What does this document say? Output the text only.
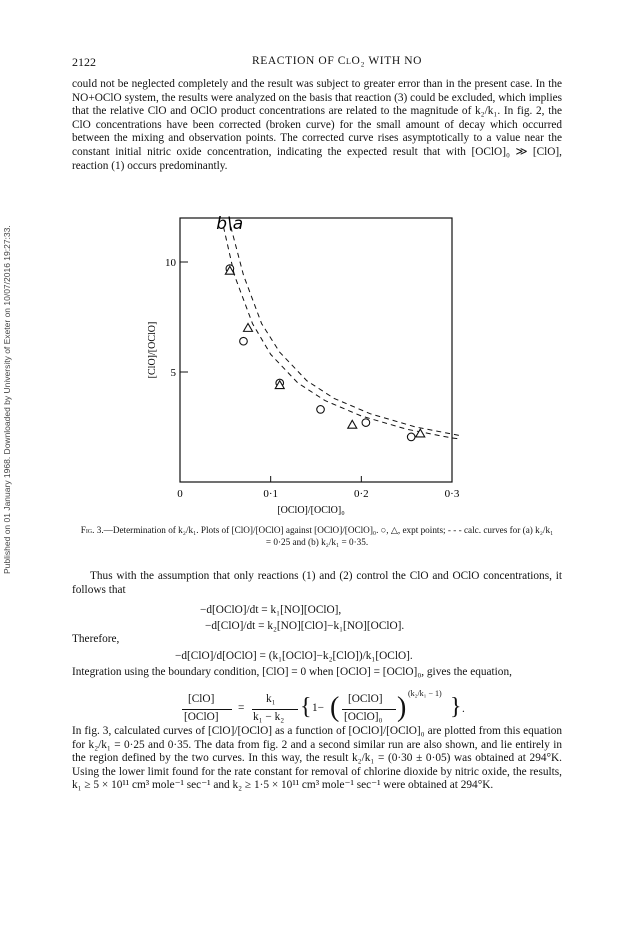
Published on 01 January 1968. Downloaded by University of Exeter on 10/07/2016 19:27:33.
2122	REACTION OF ClO₂ WITH NO

could not be neglected completely and the result was subject to greater error than in the present case. In the NO+OClO system, the results were analyzed on the basis that reaction (3) could be excluded, which implies that the relative ClO and OClO product concentrations are related to the magnitude of k₂/k₁. In fig. 2, the ClO concentrations have been corrected (broken curve) for the small amount of decay which occurred between the mixing and observation points. The corrected curve rises asymptotically to a value near the constant initial nitric oxide concentration, indicating the expected result that with [OClO]₀ ≫ [ClO], reaction (1) occurs predominantly.

0	0·1	0·2	0·3
5
10
[ClO]/[OClO]
[OClO]/[OClO]₀
b\a

Fig. 3.—Determination of k₂/k₁. Plots of [ClO]/[OClO] against [OClO]/[OClO]₀. ○, △, expt points; - - - calc. curves for (a) k₂/k₁ = 0·25 and (b) k₂/k₁ = 0·35.

Thus with the assumption that only reactions (1) and (2) control the ClO and OClO concentrations, it follows that

−d[OClO]/dt = k₁[NO][OClO],
−d[ClO]/dt = k₂[NO][ClO]−k₁[NO][OClO].
Therefore,
−d[ClO]/d[OClO] = (k₁[OClO]−k₂[ClO])/k₁[OClO].

Integration using the boundary condition, [ClO] = 0 when [OClO] = [OClO]₀, gives the equation,

[ClO]
[OClO]
=
k₁
k₁ − k₂ { 1− ( [OClO]
[OClO]₀ ) (k₂/k₁ − 1)
} .

In fig. 3, calculated curves of [ClO]/[OClO] as a function of [OClO]/[OClO]₀ are plotted from this equation for k₂/k₁ = 0·25 and 0·35. The data from fig. 2 and a second similar run are also shown, and lie entirely in the region defined by the two curves. In this way, the result k₂/k₁ = (0·30 ± 0·05) was obtained at 294°K. Using the lower limit found for the rate constant for removal of chlorine dioxide by nitric oxide, the results, k₁ ≥ 5 × 10¹¹ cm³ mole⁻¹ sec⁻¹ and k₂ ≥ 1·5 × 10¹¹ cm³ mole⁻¹ sec⁻¹ were obtained at 294°K.
